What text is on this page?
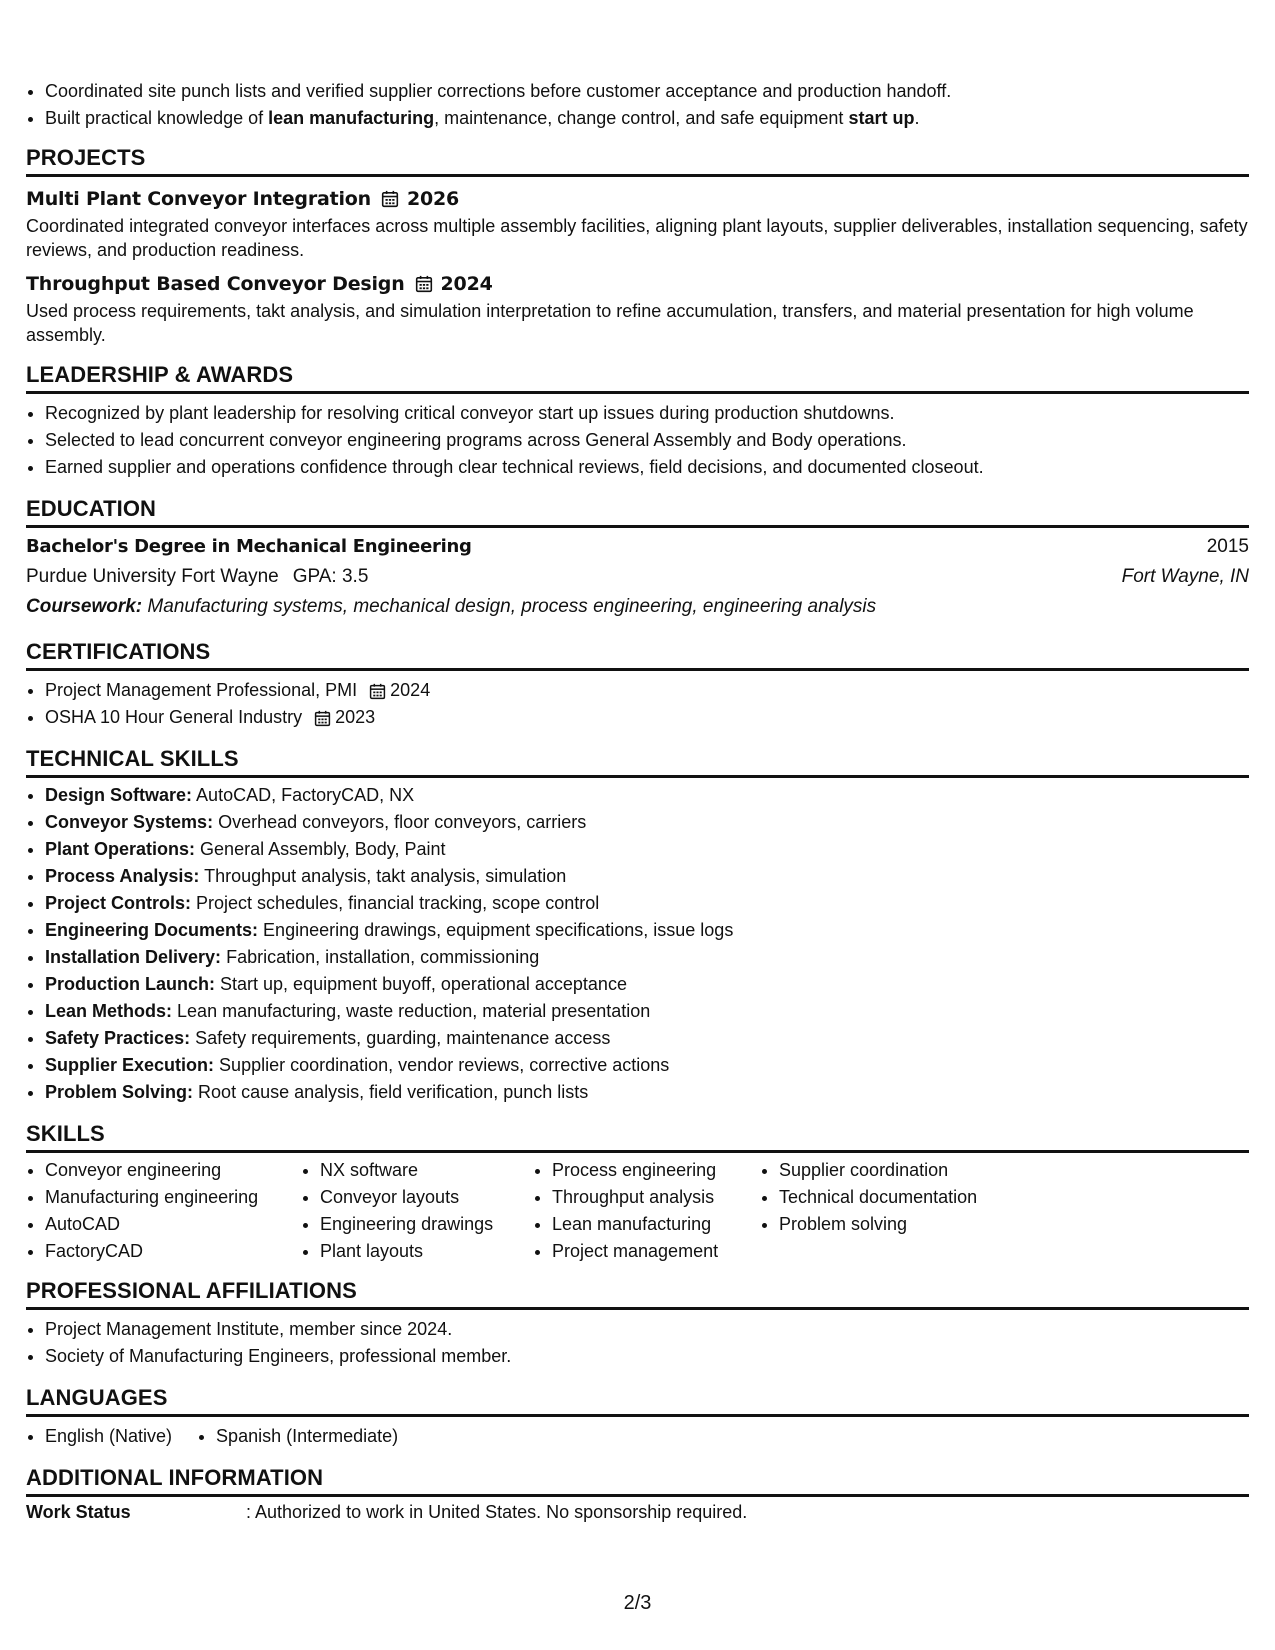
• Coordinated site punch lists and verified supplier corrections before customer acceptance and production handoff.
• Built practical knowledge of lean manufacturing, maintenance, change control, and safe equipment start up.
PROJECTS
Multi Plant Conveyor Integration 2026
Coordinated integrated conveyor interfaces across multiple assembly facilities, aligning plant layouts, supplier deliverables, installation sequencing, safety reviews, and production readiness.
Throughput Based Conveyor Design 2024
Used process requirements, takt analysis, and simulation interpretation to refine accumulation, transfers, and material presentation for high volume assembly.
LEADERSHIP & AWARDS
• Recognized by plant leadership for resolving critical conveyor start up issues during production shutdowns.
• Selected to lead concurrent conveyor engineering programs across General Assembly and Body operations.
• Earned supplier and operations confidence through clear technical reviews, field decisions, and documented closeout.
EDUCATION
Bachelor's Degree in Mechanical Engineering	2015
Purdue University Fort Wayne GPA: 3.5	Fort Wayne, IN
Coursework: Manufacturing systems, mechanical design, process engineering, engineering analysis
CERTIFICATIONS
• Project Management Professional, PMI 2024
• OSHA 10 Hour General Industry 2023
TECHNICAL SKILLS
• Design Software: AutoCAD, FactoryCAD, NX
• Conveyor Systems: Overhead conveyors, floor conveyors, carriers
• Plant Operations: General Assembly, Body, Paint
• Process Analysis: Throughput analysis, takt analysis, simulation
• Project Controls: Project schedules, financial tracking, scope control
• Engineering Documents: Engineering drawings, equipment specifications, issue logs
• Installation Delivery: Fabrication, installation, commissioning
• Production Launch: Start up, equipment buyoff, operational acceptance
• Lean Methods: Lean manufacturing, waste reduction, material presentation
• Safety Practices: Safety requirements, guarding, maintenance access
• Supplier Execution: Supplier coordination, vendor reviews, corrective actions
• Problem Solving: Root cause analysis, field verification, punch lists
SKILLS
• Conveyor engineering
• Manufacturing engineering
• AutoCAD
• FactoryCAD
• NX software
• Conveyor layouts
• Engineering drawings
• Plant layouts
• Process engineering
• Throughput analysis
• Lean manufacturing
• Project management
• Supplier coordination
• Technical documentation
• Problem solving
PROFESSIONAL AFFILIATIONS
• Project Management Institute, member since 2024.
• Society of Manufacturing Engineers, professional member.
LANGUAGES
• English (Native)
• Spanish (Intermediate)
ADDITIONAL INFORMATION
Work Status	: Authorized to work in United States. No sponsorship required.
2/3
